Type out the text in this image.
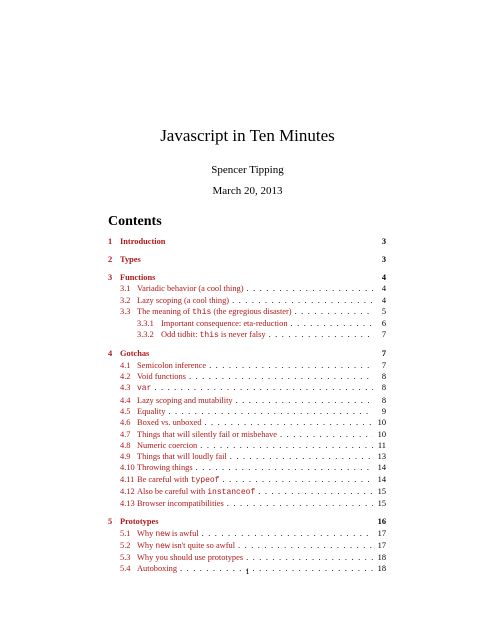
Javascript in Ten Minutes
Spencer Tipping
March 20, 2013
Contents
1 Introduction	3
2 Types	3
3 Functions	4
3.1 Variadic behavior (a cool thing) . . .	4
3.2 Lazy scoping (a cool thing) . . .	4
3.3 The meaning of this (the egregious disaster) . . .	5
3.3.1 Important consequence: eta-reduction . . .	6
3.3.2 Odd tidbit: this is never falsy . . .	7
4 Gotchas	7
4.1 Semicolon inference . . .	7
4.2 Void functions . . .	8
4.3 var . . .	8
4.4 Lazy scoping and mutability . . .	8
4.5 Equality . . .	9
4.6 Boxed vs. unboxed . . .	10
4.7 Things that will silently fail or misbehave . . .	10
4.8 Numeric coercion . . .	11
4.9 Things that will loudly fail . . .	13
4.10 Throwing things . . .	14
4.11 Be careful with typeof . . .	14
4.12 Also be careful with instanceof . . .	15
4.13 Browser incompatibilities . . .	15
5 Prototypes	16
5.1 Why new is awful . . .	17
5.2 Why new isn't quite so awful . . .	17
5.3 Why you should use prototypes . . .	18
5.4 Autoboxing . . .	18
1
